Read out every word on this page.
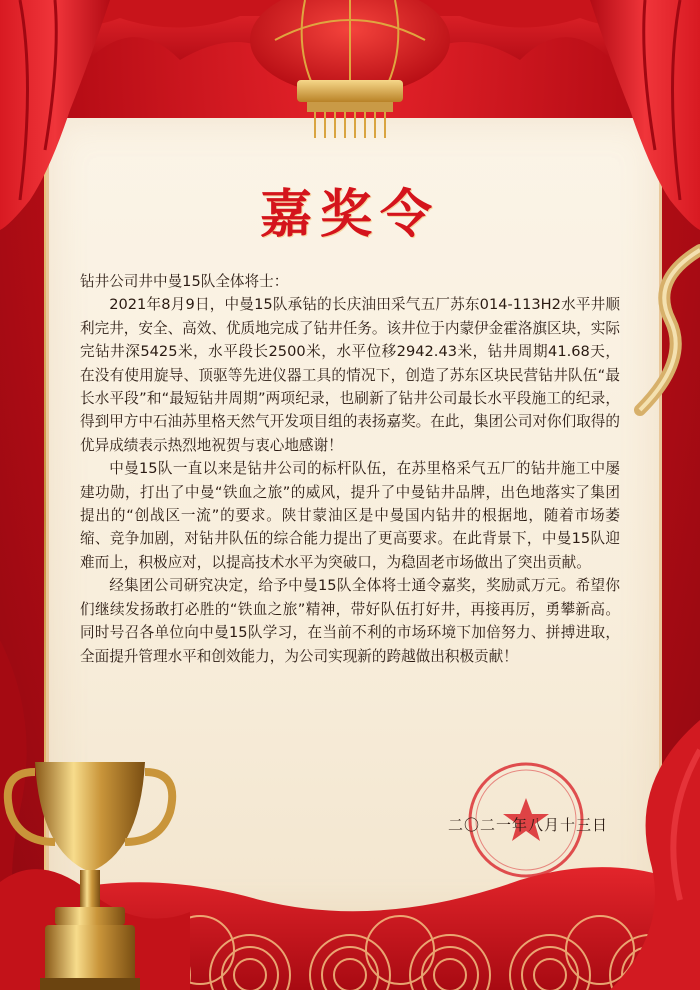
嘉奖令

钻井公司井中曼15队全体将士：

2021年8月9日，中曼15队承钻的长庆油田采气五厂苏东014-113H2水平井顺利完井，安全、高效、优质地完成了钻井任务。该井位于内蒙伊金霍洛旗区块，实际完钻井深5425米，水平段长2500米，水平位移2942.43米，钻井周期41.68天， 在没有使用旋导、顶驱等先进仪器工具的情况下，创造了苏东区块民营钻井队伍“最长水平段”和“最短钻井周期”两项纪录，也刷新了钻井公司最长水平段施工的纪录，得到甲方中石油苏里格天然气开发项目组的表扬嘉奖。在此，集团公司对你们取得的优异成绩表示热烈地祝贺与衷心地感谢！

中曼15队一直以来是钻井公司的标杆队伍，在苏里格采气五厂的钻井施工中屡建功勋，打出了中曼“铁血之旅”的威风，提升了中曼钻井品牌，出色地落实了集团提出的“创战区一流”的要求。陕甘蒙油区是中曼国内钻井的根据地，随着市场萎缩、竞争加剧，对钻井队伍的综合能力提出了更高要求。在此背景下，中曼15队迎难而上，积极应对，以提高技术水平为突破口，为稳固老市场做出了突出贡献。

经集团公司研究决定，给予中曼15队全体将士通令嘉奖，奖励贰万元。希望你们继续发扬敢打必胜的“铁血之旅”精神，带好队伍打好井，再接再厉，勇攀新高。同时号召各单位向中曼15队学习，在当前不利的市场环境下加倍努力、拼搏进取，全面提升管理水平和创效能力，为公司实现新的跨越做出积极贡献！

二〇二一年八月十三日
